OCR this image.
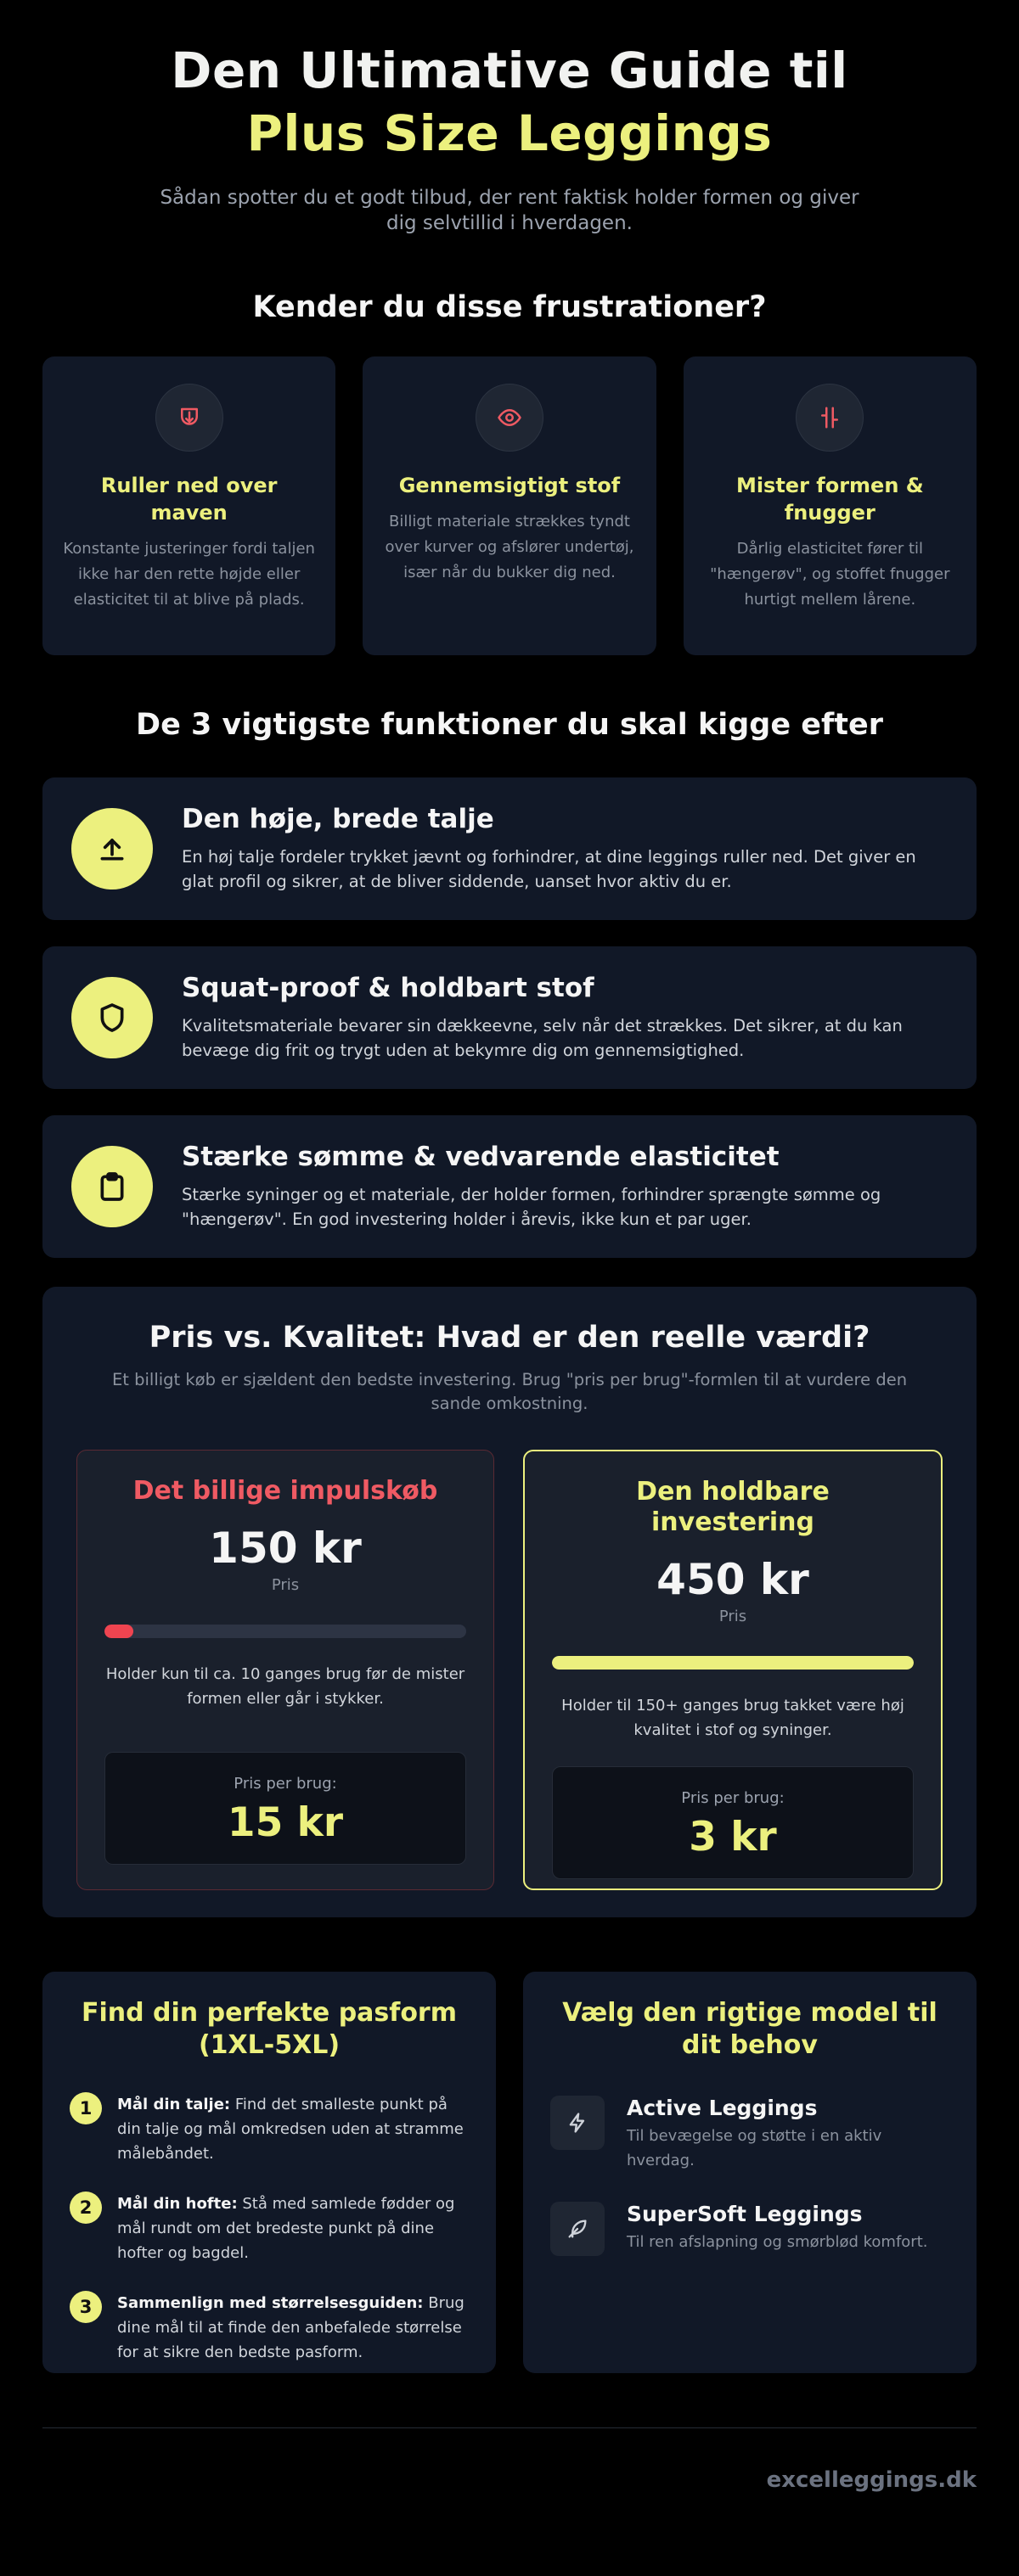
Den Ultimative Guide til
Plus Size Leggings

Sådan spotter du et godt tilbud, der rent faktisk holder formen og giver dig selvtillid i hverdagen.

Kender du disse frustrationer?
Ruller ned over maven

Konstante justeringer fordi taljen ikke har den rette højde eller elasticitet til at blive på plads.

Gennemsigtigt stof

Billigt materiale strækkes tyndt over kurver og afslører undertøj, især når du bukker dig ned.

Mister formen & fnugger

Dårlig elasticitet fører til "hængerøv", og stoffet fnugger hurtigt mellem lårene.

De 3 vigtigste funktioner du skal kigge efter
Den høje, brede talje

En høj talje fordeler trykket jævnt og forhindrer, at dine leggings ruller ned. Det giver en glat profil og sikrer, at de bliver siddende, uanset hvor aktiv du er.

Squat-proof & holdbart stof

Kvalitetsmateriale bevarer sin dækkeevne, selv når det strækkes. Det sikrer, at du kan bevæge dig frit og trygt uden at bekymre dig om gennemsigtighed.

Stærke sømme & vedvarende elasticitet

Stærke syninger og et materiale, der holder formen, forhindrer sprængte sømme og "hængerøv". En god investering holder i årevis, ikke kun et par uger.

Pris vs. Kvalitet: Hvad er den reelle værdi?

Et billigt køb er sjældent den bedste investering. Brug "pris per brug"-formlen til at vurdere den sande omkostning.

Det billige impulskøb
150 kr
Pris

Holder kun til ca. 10 ganges brug før de mister formen eller går i stykker.

Pris per brug:
15 kr
Den holdbare investering
450 kr
Pris

Holder til 150+ ganges brug takket være høj kvalitet i stof og syninger.

Pris per brug:
3 kr
Find din perfekte pasform (1XL-5XL)
1	Mål din talje: Find det smalleste punkt på din talje og mål omkredsen uden at stramme målebåndet.
2	Mål din hofte: Stå med samlede fødder og mål rundt om det bredeste punkt på dine hofter og bagdel.
3	Sammenlign med størrelsesguiden: Brug dine mål til at finde den anbefalede størrelse for at sikre den bedste pasform.
Vælg den rigtige model til dit behov
Active Leggings

Til bevægelse og støtte i en aktiv hverdag.

SuperSoft Leggings

Til ren afslapning og smørblød komfort.

excelleggings.dk
